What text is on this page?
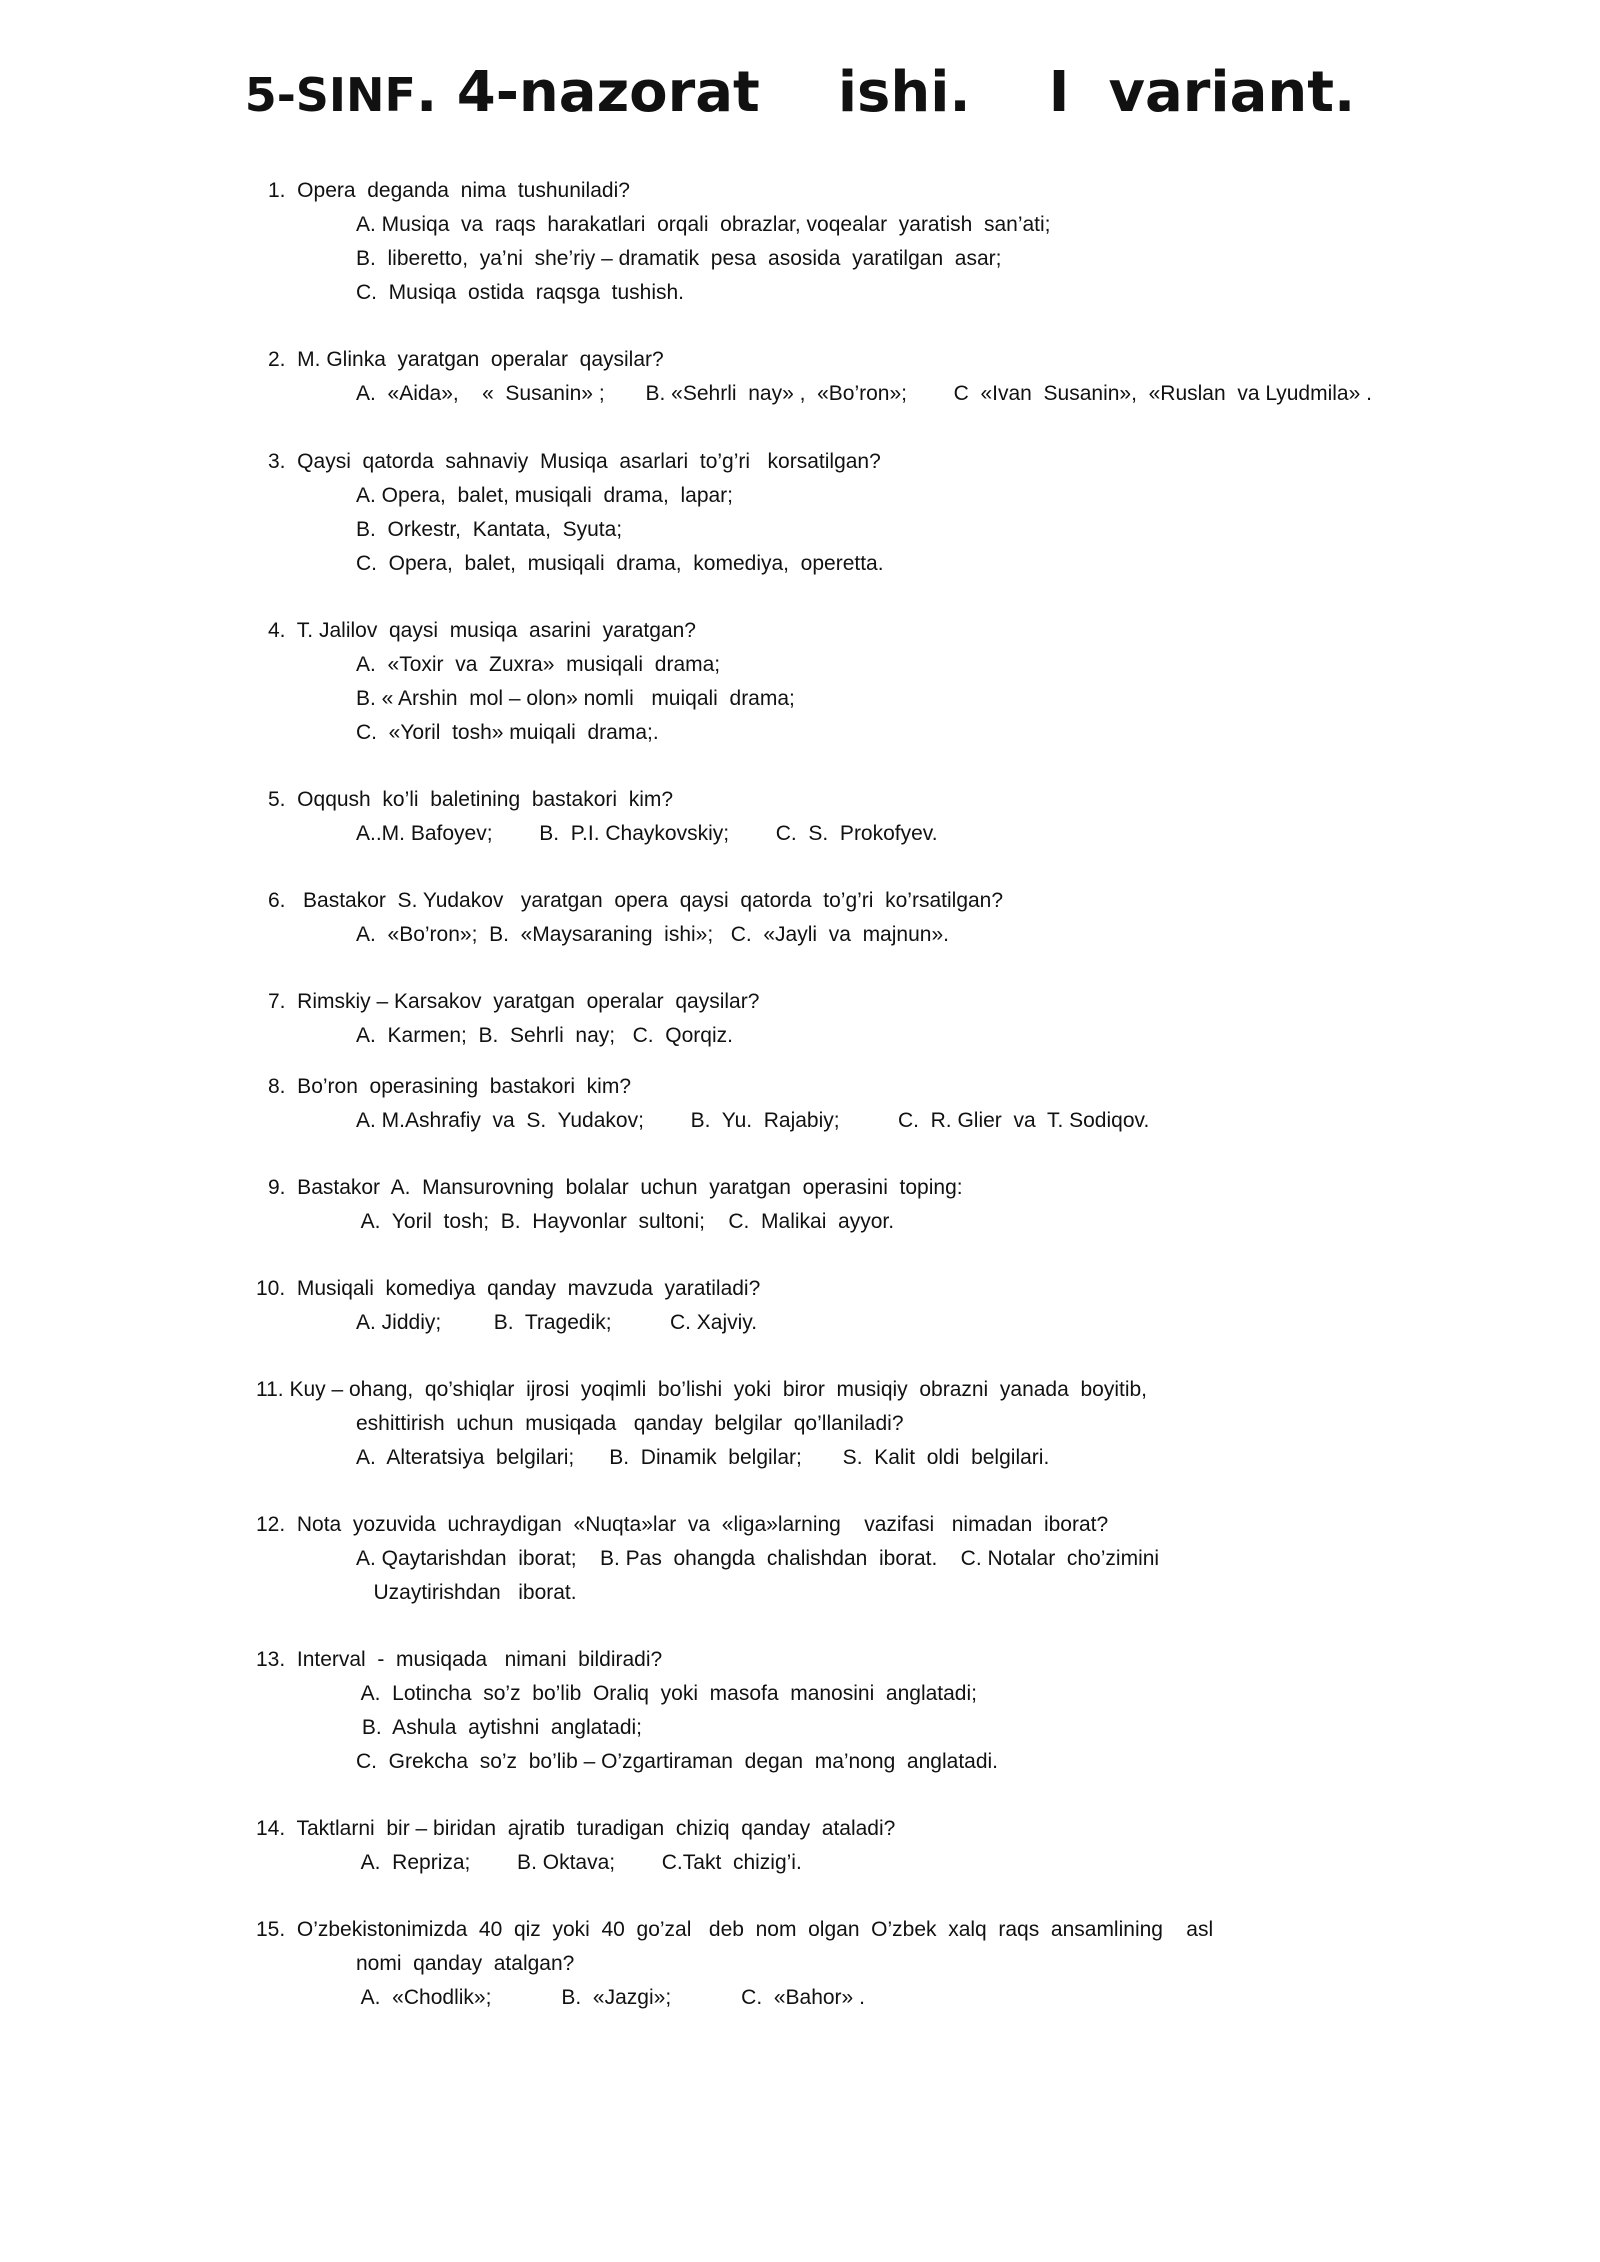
5-SINF. 4-nazorat    ishi.    I  variant.
1.  Opera  deganda  nima  tushuniladi?
A. Musiqa  va  raqs  harakatlari  orqali  obrazlar, voqealar  yaratish  san’ati;
B.  liberetto,  ya’ni  she’riy – dramatik  pesa  asosida  yaratilgan  asar;
C.  Musiqa  ostida  raqsga  tushish.
2.  M. Glinka  yaratgan  operalar  qaysilar?
A.  «Aida»,    «  Susanin» ;       B. «Sehrli  nay» ,  «Bo’ron»;        C  «Ivan  Susanin»,  «Ruslan  va Lyudmila» .
3.  Qaysi  qatorda  sahnaviy  Musiqa  asarlari  to’g’ri   korsatilgan?
A. Opera,  balet, musiqali  drama,  lapar;
B.  Orkestr,  Kantata,  Syuta;
C.  Opera,  balet,  musiqali  drama,  komediya,  operetta.
4.  T. Jalilov  qaysi  musiqa  asarini  yaratgan?
A.  «Toxir  va  Zuxra»  musiqali  drama;
B. « Arshin  mol – olon» nomli   muiqali  drama;
C.  «Yoril  tosh» muiqali  drama;.
5.  Oqqush  ko’li  baletining  bastakori  kim?
A..M. Bafoyev;        B.  P.I. Chaykovskiy;        C.  S.  Prokofyev.
6.   Bastakor  S. Yudakov   yaratgan  opera  qaysi  qatorda  to’g’ri  ko’rsatilgan?
A.  «Bo’ron»;  B.  «Maysaraning  ishi»;   C.  «Jayli  va  majnun».
7.  Rimskiy – Karsakov  yaratgan  operalar  qaysilar?
A.  Karmen;  B.  Sehrli  nay;   C.  Qorqiz.
8.  Bo’ron  operasining  bastakori  kim?
A. M.Ashrafiy  va  S.  Yudakov;        B.  Yu.  Rajabiy;          C.  R. Glier  va  T. Sodiqov.
9.  Bastakor  A.  Mansurovning  bolalar  uchun  yaratgan  operasini  toping:
A.  Yoril  tosh;  B.  Hayvonlar  sultoni;    C.  Malikai  ayyor.
10.  Musiqali  komediya  qanday  mavzuda  yaratiladi?
A. Jiddiy;         B.  Tragedik;          C. Xajviy.
11. Kuy – ohang,  qo’shiqlar  ijrosi  yoqimli  bo’lishi  yoki  biror  musiqiy  obrazni  yanada  boyitib,
eshittirish  uchun  musiqada   qanday  belgilar  qo’llaniladi?
A.  Alteratsiya  belgilari;      B.  Dinamik  belgilar;       S.  Kalit  oldi  belgilari.
12.  Nota  yozuvida  uchraydigan  «Nuqta»lar  va  «liga»larning    vazifasi   nimadan  iborat?
A. Qaytarishdan  iborat;    B. Pas  ohangda  chalishdan  iborat.    C. Notalar  cho’zimini
Uzaytirishdan   iborat.
13.  Interval  -  musiqada   nimani  bildiradi?
A.  Lotincha  so’z  bo’lib  Oraliq  yoki  masofa  manosini  anglatadi;
B.  Ashula  aytishni  anglatadi;
C.  Grekcha  so’z  bo’lib – O’zgartiraman  degan  ma’nong  anglatadi.
14.  Taktlarni  bir – biridan  ajratib  turadigan  chiziq  qanday  ataladi?
A.  Repriza;        B. Oktava;        C.Takt  chizig’i.
15.  O’zbekistonimizda  40  qiz  yoki  40  go’zal   deb  nom  olgan  O’zbek  xalq  raqs  ansamlining    asl
nomi  qanday  atalgan?
A.  «Chodlik»;            B.  «Jazgi»;            C.  «Bahor» .
